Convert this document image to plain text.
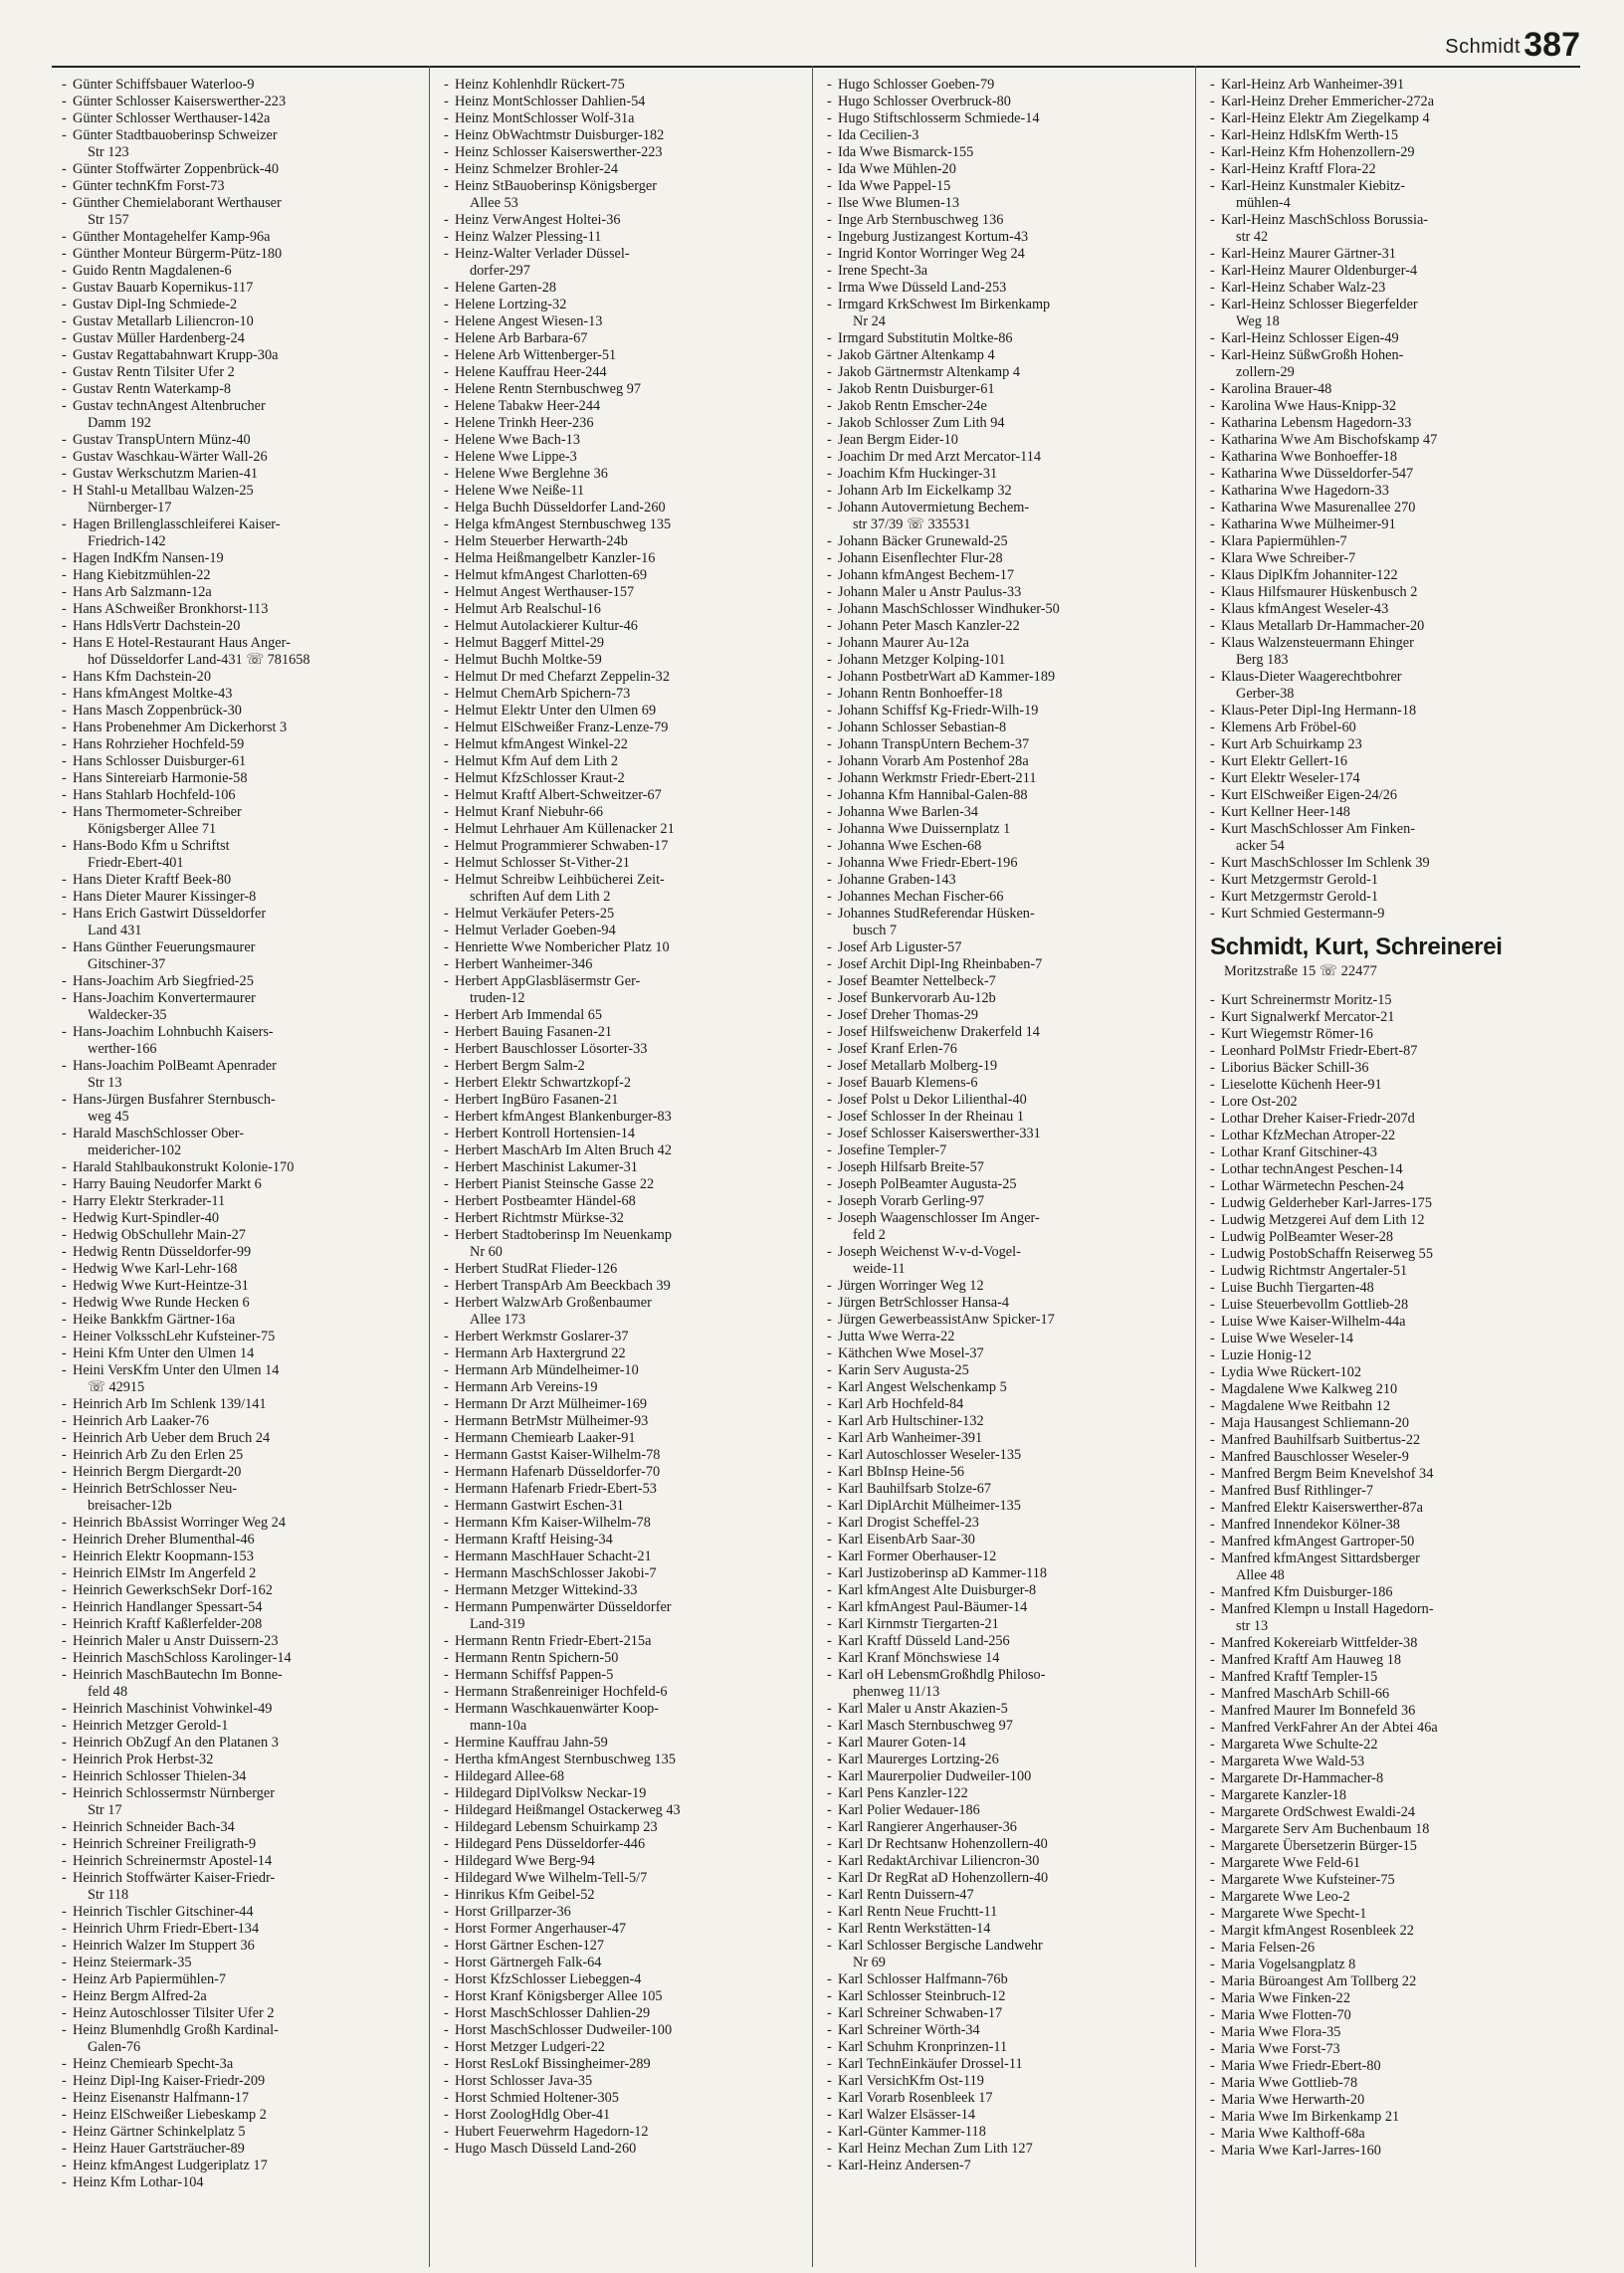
Schmidt 387
- Günter Schiffsbauer Waterloo-9
- Günter Schlosser Kaiserswerther-223
- Günter Schlosser Werthauser-142a
- Günter Stadtbauoberinsp Schweizer
Str 123
- Günter Stoffwärter Zoppenbrück-40
- Günter technKfm Forst-73
- Günther Chemielaborant Werthauser
Str 157
- Günther Montagehelfer Kamp-96a
- Günther Monteur Bürgerm-Pütz-180
- Guido Rentn Magdalenen-6
- Gustav Bauarb Kopernikus-117
- Gustav Dipl-Ing Schmiede-2
- Gustav Metallarb Liliencron-10
- Gustav Müller Hardenberg-24
- Gustav Regattabahnwart Krupp-30a
- Gustav Rentn Tilsiter Ufer 2
- Gustav Rentn Waterkamp-8
- Gustav technAngest Altenbrucher
Damm 192
- Gustav TranspUntern Münz-40
- Gustav Waschkau-Wärter Wall-26
- Gustav Werkschutzm Marien-41
- H Stahl-u Metallbau Walzen-25
Nürnberger-17
- Hagen Brillenglasschleiferei Kaiser-
Friedrich-142
- Hagen IndKfm Nansen-19
- Hang Kiebitzmühlen-22
- Hans Arb Salzmann-12a
- Hans ASchweißer Bronkhorst-113
- Hans HdlsVertr Dachstein-20
- Hans E Hotel-Restaurant Haus Anger-
hof Düsseldorfer Land-431 ☏ 781658
- Hans Kfm Dachstein-20
- Hans kfmAngest Moltke-43
- Hans Masch Zoppenbrück-30
- Hans Probenehmer Am Dickerhorst 3
- Hans Rohrzieher Hochfeld-59
- Hans Schlosser Duisburger-61
- Hans Sintereiarb Harmonie-58
- Hans Stahlarb Hochfeld-106
- Hans Thermometer-Schreiber
Königsberger Allee 71
- Hans-Bodo Kfm u Schriftst
Friedr-Ebert-401
- Hans Dieter Kraftf Beek-80
- Hans Dieter Maurer Kissinger-8
- Hans Erich Gastwirt Düsseldorfer
Land 431
- Hans Günther Feuerungsmaurer
Gitschiner-37
- Hans-Joachim Arb Siegfried-25
- Hans-Joachim Konvertermaurer
Waldecker-35
- Hans-Joachim Lohnbuchh Kaisers-
werther-166
- Hans-Joachim PolBeamt Apenrader
Str 13
- Hans-Jürgen Busfahrer Sternbusch-
weg 45
- Harald MaschSchlosser Ober-
meidericher-102
- Harald Stahlbaukonstrukt Kolonie-170
- Harry Bauing Neudorfer Markt 6
- Harry Elektr Sterkrader-11
- Hedwig Kurt-Spindler-40
- Hedwig ObSchullehr Main-27
- Hedwig Rentn Düsseldorfer-99
- Hedwig Wwe Karl-Lehr-168
- Hedwig Wwe Kurt-Heintze-31
- Hedwig Wwe Runde Hecken 6
- Heike Bankkfm Gärtner-16a
- Heiner VolksschLehr Kufsteiner-75
- Heini Kfm Unter den Ulmen 14
- Heini VersKfm Unter den Ulmen 14
☏ 42915
- Heinrich Arb Im Schlenk 139/141
- Heinrich Arb Laaker-76
- Heinrich Arb Ueber dem Bruch 24
- Heinrich Arb Zu den Erlen 25
- Heinrich Bergm Diergardt-20
- Heinrich BetrSchlosser Neu-
breisacher-12b
- Heinrich BbAssist Worringer Weg 24
- Heinrich Dreher Blumenthal-46
- Heinrich Elektr Koopmann-153
- Heinrich ElMstr Im Angerfeld 2
- Heinrich GewerkschSekr Dorf-162
- Heinrich Handlanger Spessart-54
- Heinrich Kraftf Kaßlerfelder-208
- Heinrich Maler u Anstr Duissern-23
- Heinrich MaschSchloss Karolinger-14
- Heinrich MaschBautechn Im Bonne-
feld 48
- Heinrich Maschinist Vohwinkel-49
- Heinrich Metzger Gerold-1
- Heinrich ObZugf An den Platanen 3
- Heinrich Prok Herbst-32
- Heinrich Schlosser Thielen-34
- Heinrich Schlossermstr Nürnberger
Str 17
- Heinrich Schneider Bach-34
- Heinrich Schreiner Freiligrath-9
- Heinrich Schreinermstr Apostel-14
- Heinrich Stoffwärter Kaiser-Friedr-
Str 118
- Heinrich Tischler Gitschiner-44
- Heinrich Uhrm Friedr-Ebert-134
- Heinrich Walzer Im Stuppert 36
- Heinz Steiermark-35
- Heinz Arb Papiermühlen-7
- Heinz Bergm Alfred-2a
- Heinz Autoschlosser Tilsiter Ufer 2
- Heinz Blumenhdlg Großh Kardinal-
Galen-76
- Heinz Chemiearb Specht-3a
- Heinz Dipl-Ing Kaiser-Friedr-209
- Heinz Eisenanstr Halfmann-17
- Heinz ElSchweißer Liebeskamp 2
- Heinz Gärtner Schinkelplatz 5
- Heinz Hauer Gartsträucher-89
- Heinz kfmAngest Ludgeriplatz 17
- Heinz Kfm Lothar-104
- Heinz Kohlenhdlr Rückert-75
- Heinz MontSchlosser Dahlien-54
- Heinz MontSchlosser Wolf-31a
- Heinz ObWachtmstr Duisburger-182
- Heinz Schlosser Kaiserswerther-223
- Heinz Schmelzer Brohler-24
- Heinz StBauoberinsp Königsberger
Allee 53
- Heinz VerwAngest Holtei-36
- Heinz Walzer Plessing-11
- Heinz-Walter Verlader Düssel-
dorfer-297
- Helene Garten-28
- Helene Lortzing-32
- Helene Angest Wiesen-13
- Helene Arb Barbara-67
- Helene Arb Wittenberger-51
- Helene Kauffrau Heer-244
- Helene Rentn Sternbuschweg 97
- Helene Tabakw Heer-244
- Helene Trinkh Heer-236
- Helene Wwe Bach-13
- Helene Wwe Lippe-3
- Helene Wwe Berglehne 36
- Helene Wwe Neiße-11
- Helga Buchh Düsseldorfer Land-260
- Helga kfmAngest Sternbuschweg 135
- Helm Steuerber Herwarth-24b
- Helma Heißmangelbetr Kanzler-16
- Helmut kfmAngest Charlotten-69
- Helmut Angest Werthauser-157
- Helmut Arb Realschul-16
- Helmut Autolackierer Kultur-46
- Helmut Baggerf Mittel-29
- Helmut Buchh Moltke-59
- Helmut Dr med Chefarzt Zeppelin-32
- Helmut ChemArb Spichern-73
- Helmut Elektr Unter den Ulmen 69
- Helmut ElSchweißer Franz-Lenze-79
- Helmut kfmAngest Winkel-22
- Helmut Kfm Auf dem Lith 2
- Helmut KfzSchlosser Kraut-2
- Helmut Kraftf Albert-Schweitzer-67
- Helmut Kranf Niebuhr-66
- Helmut Lehrhauer Am Küllenacker 21
- Helmut Programmierer Schwaben-17
- Helmut Schlosser St-Vither-21
- Helmut Schreibw Leihbücherei Zeit-
schriften Auf dem Lith 2
- Helmut Verkäufer Peters-25
- Helmut Verlader Goeben-94
- Henriette Wwe Nombericher Platz 10
- Herbert Wanheimer-346
- Herbert AppGlasbläsermstr Ger-
truden-12
- Herbert Arb Immendal 65
- Herbert Bauing Fasanen-21
- Herbert Bauschlosser Lösorter-33
- Herbert Bergm Salm-2
- Herbert Elektr Schwartzkopf-2
- Herbert IngBüro Fasanen-21
- Herbert kfmAngest Blankenburger-83
- Herbert Kontroll Hortensien-14
- Herbert MaschArb Im Alten Bruch 42
- Herbert Maschinist Lakumer-31
- Herbert Pianist Steinsche Gasse 22
- Herbert Postbeamter Händel-68
- Herbert Richtmstr Mürkse-32
- Herbert Stadtoberinsp Im Neuenkamp
Nr 60
- Herbert StudRat Flieder-126
- Herbert TranspArb Am Beeckbach 39
- Herbert WalzwArb Großenbaumer
Allee 173
- Herbert Werkmstr Goslarer-37
- Hermann Arb Haxtergrund 22
- Hermann Arb Mündelheimer-10
- Hermann Arb Vereins-19
- Hermann Dr Arzt Mülheimer-169
- Hermann BetrMstr Mülheimer-93
- Hermann Chemiearb Laaker-91
- Hermann Gastst Kaiser-Wilhelm-78
- Hermann Hafenarb Düsseldorfer-70
- Hermann Hafenarb Friedr-Ebert-53
- Hermann Gastwirt Eschen-31
- Hermann Kfm Kaiser-Wilhelm-78
- Hermann Kraftf Heising-34
- Hermann MaschHauer Schacht-21
- Hermann MaschSchlosser Jakobi-7
- Hermann Metzger Wittekind-33
- Hermann Pumpenwärter Düsseldorfer
Land-319
- Hermann Rentn Friedr-Ebert-215a
- Hermann Rentn Spichern-50
- Hermann Schiffsf Pappen-5
- Hermann Straßenreiniger Hochfeld-6
- Hermann Waschkauenwärter Koop-
mann-10a
- Hermine Kauffrau Jahn-59
- Hertha kfmAngest Sternbuschweg 135
- Hildegard Allee-68
- Hildegard DiplVolksw Neckar-19
- Hildegard Heißmangel Ostackerweg 43
- Hildegard Lebensm Schuirkamp 23
- Hildegard Pens Düsseldorfer-446
- Hildegard Wwe Berg-94
- Hildegard Wwe Wilhelm-Tell-5/7
- Hinrikus Kfm Geibel-52
- Horst Grillparzer-36
- Horst Former Angerhauser-47
- Horst Gärtner Eschen-127
- Horst Gärtnergeh Falk-64
- Horst KfzSchlosser Liebeggen-4
- Horst Kranf Königsberger Allee 105
- Horst MaschSchlosser Dahlien-29
- Horst MaschSchlosser Dudweiler-100
- Horst Metzger Ludgeri-22
- Horst ResLokf Bissingheimer-289
- Horst Schlosser Java-35
- Horst Schmied Holtener-305
- Horst ZoologHdlg Ober-41
- Hubert Feuerwehrm Hagedorn-12
- Hugo Masch Düsseld Land-260
- Hugo Schlosser Goeben-79
- Hugo Schlosser Overbruck-80
- Hugo Stiftschlosserm Schmiede-14
- Ida Cecilien-3
- Ida Wwe Bismarck-155
- Ida Wwe Mühlen-20
- Ida Wwe Pappel-15
- Ilse Wwe Blumen-13
- Inge Arb Sternbuschweg 136
- Ingeburg Justizangest Kortum-43
- Ingrid Kontor Worringer Weg 24
- Irene Specht-3a
- Irma Wwe Düsseld Land-253
- Irmgard KrkSchwest Im Birkenkamp
Nr 24
- Irmgard Substitutin Moltke-86
- Jakob Gärtner Altenkamp 4
- Jakob Gärtnermstr Altenkamp 4
- Jakob Rentn Duisburger-61
- Jakob Rentn Emscher-24e
- Jakob Schlosser Zum Lith 94
- Jean Bergm Eider-10
- Joachim Dr med Arzt Mercator-114
- Joachim Kfm Huckinger-31
- Johann Arb Im Eickelkamp 32
- Johann Autovermietung Bechem-
str 37/39 ☏ 335531
- Johann Bäcker Grunewald-25
- Johann Eisenflechter Flur-28
- Johann kfmAngest Bechem-17
- Johann Maler u Anstr Paulus-33
- Johann MaschSchlosser Windhuker-50
- Johann Peter Masch Kanzler-22
- Johann Maurer Au-12a
- Johann Metzger Kolping-101
- Johann PostbetrWart aD Kammer-189
- Johann Rentn Bonhoeffer-18
- Johann Schiffsf Kg-Friedr-Wilh-19
- Johann Schlosser Sebastian-8
- Johann TranspUntern Bechem-37
- Johann Vorarb Am Postenhof 28a
- Johann Werkmstr Friedr-Ebert-211
- Johanna Kfm Hannibal-Galen-88
- Johanna Wwe Barlen-34
- Johanna Wwe Duissernplatz 1
- Johanna Wwe Eschen-68
- Johanna Wwe Friedr-Ebert-196
- Johanne Graben-143
- Johannes Mechan Fischer-66
- Johannes StudReferendar Hüsken-
busch 7
- Josef Arb Liguster-57
- Josef Archit Dipl-Ing Rheinbaben-7
- Josef Beamter Nettelbeck-7
- Josef Bunkervorarb Au-12b
- Josef Dreher Thomas-29
- Josef Hilfsweichenw Drakerfeld 14
- Josef Kranf Erlen-76
- Josef Metallarb Molberg-19
- Josef Bauarb Klemens-6
- Josef Polst u Dekor Lilienthal-40
- Josef Schlosser In der Rheinau 1
- Josef Schlosser Kaiserswerther-331
- Josefine Templer-7
- Joseph Hilfsarb Breite-57
- Joseph PolBeamter Augusta-25
- Joseph Vorarb Gerling-97
- Joseph Waagenschlosser Im Anger-
feld 2
- Joseph Weichenst W-v-d-Vogel-
weide-11
- Jürgen Worringer Weg 12
- Jürgen BetrSchlosser Hansa-4
- Jürgen GewerbeassistAnw Spicker-17
- Jutta Wwe Werra-22
- Käthchen Wwe Mosel-37
- Karin Serv Augusta-25
- Karl Angest Welschenkamp 5
- Karl Arb Hochfeld-84
- Karl Arb Hultschiner-132
- Karl Arb Wanheimer-391
- Karl Autoschlosser Weseler-135
- Karl BbInsp Heine-56
- Karl Bauhilfsarb Stolze-67
- Karl DiplArchit Mülheimer-135
- Karl Drogist Scheffel-23
- Karl EisenbArb Saar-30
- Karl Former Oberhauser-12
- Karl Justizoberinsp aD Kammer-118
- Karl kfmAngest Alte Duisburger-8
- Karl kfmAngest Paul-Bäumer-14
- Karl Kirnmstr Tiergarten-21
- Karl Kraftf Düsseld Land-256
- Karl Kranf Mönchswiese 14
- Karl oH LebensmGroßhdlg Philoso-
phenweg 11/13
- Karl Maler u Anstr Akazien-5
- Karl Masch Sternbuschweg 97
- Karl Maurer Goten-14
- Karl Maurerges Lortzing-26
- Karl Maurerpolier Dudweiler-100
- Karl Pens Kanzler-122
- Karl Polier Wedauer-186
- Karl Rangierer Angerhauser-36
- Karl Dr Rechtsanw Hohenzollern-40
- Karl RedaktArchivar Liliencron-30
- Karl Dr RegRat aD Hohenzollern-40
- Karl Rentn Duissern-47
- Karl Rentn Neue Fruchtt-11
- Karl Rentn Werkstätten-14
- Karl Schlosser Bergische Landwehr
Nr 69
- Karl Schlosser Halfmann-76b
- Karl Schlosser Steinbruch-12
- Karl Schreiner Schwaben-17
- Karl Schreiner Wörth-34
- Karl Schuhm Kronprinzen-11
- Karl TechnEinkäufer Drossel-11
- Karl VersichKfm Ost-119
- Karl Vorarb Rosenbleek 17
- Karl Walzer Elsässer-14
- Karl-Günter Kammer-118
- Karl Heinz Mechan Zum Lith 127
- Karl-Heinz Andersen-7
- Karl-Heinz Arb Wanheimer-391
- Karl-Heinz Dreher Emmericher-272a
- Karl-Heinz Elektr Am Ziegelkamp 4
- Karl-Heinz HdlsKfm Werth-15
- Karl-Heinz Kfm Hohenzollern-29
- Karl-Heinz Kraftf Flora-22
- Karl-Heinz Kunstmaler Kiebitz-
mühlen-4
- Karl-Heinz MaschSchloss Borussia-
str 42
- Karl-Heinz Maurer Gärtner-31
- Karl-Heinz Maurer Oldenburger-4
- Karl-Heinz Schaber Walz-23
- Karl-Heinz Schlosser Biegerfelder
Weg 18
- Karl-Heinz Schlosser Eigen-49
- Karl-Heinz SüßwGroßh Hohen-
zollern-29
- Karolina Brauer-48
- Karolina Wwe Haus-Knipp-32
- Katharina Lebensm Hagedorn-33
- Katharina Wwe Am Bischofskamp 47
- Katharina Wwe Bonhoeffer-18
- Katharina Wwe Düsseldorfer-547
- Katharina Wwe Hagedorn-33
- Katharina Wwe Masurenallee 270
- Katharina Wwe Mülheimer-91
- Klara Papiermühlen-7
- Klara Wwe Schreiber-7
- Klaus DiplKfm Johanniter-122
- Klaus Hilfsmaurer Hüskenbusch 2
- Klaus kfmAngest Weseler-43
- Klaus Metallarb Dr-Hammacher-20
- Klaus Walzensteuermann Ehinger
Berg 183
- Klaus-Dieter Waagerechtbohrer
Gerber-38
- Klaus-Peter Dipl-Ing Hermann-18
- Klemens Arb Fröbel-60
- Kurt Arb Schuirkamp 23
- Kurt Elektr Gellert-16
- Kurt Elektr Weseler-174
- Kurt ElSchweißer Eigen-24/26
- Kurt Kellner Heer-148
- Kurt MaschSchlosser Am Finken-
acker 54
- Kurt MaschSchlosser Im Schlenk 39
- Kurt Metzgermstr Gerold-1
- Kurt Metzgermstr Gerold-1
- Kurt Schmied Gestermann-9
Schmidt, Kurt, Schreinerei
Moritzstraße 15 ☏ 22477
- Kurt Schreinermstr Moritz-15
- Kurt Signalwerkf Mercator-21
- Kurt Wiegemstr Römer-16
- Leonhard PolMstr Friedr-Ebert-87
- Liborius Bäcker Schill-36
- Lieselotte Küchenh Heer-91
- Lore Ost-202
- Lothar Dreher Kaiser-Friedr-207d
- Lothar KfzMechan Atroper-22
- Lothar Kranf Gitschiner-43
- Lothar technAngest Peschen-14
- Lothar Wärmetechn Peschen-24
- Ludwig Gelderheber Karl-Jarres-175
- Ludwig Metzgerei Auf dem Lith 12
- Ludwig PolBeamter Weser-28
- Ludwig PostobSchaffn Reiserweg 55
- Ludwig Richtmstr Angertaler-51
- Luise Buchh Tiergarten-48
- Luise Steuerbevollm Gottlieb-28
- Luise Wwe Kaiser-Wilhelm-44a
- Luise Wwe Weseler-14
- Luzie Honig-12
- Lydia Wwe Rückert-102
- Magdalene Wwe Kalkweg 210
- Magdalene Wwe Reitbahn 12
- Maja Hausangest Schliemann-20
- Manfred Bauhilfsarb Suitbertus-22
- Manfred Bauschlosser Weseler-9
- Manfred Bergm Beim Knevelshof 34
- Manfred Busf Rithlinger-7
- Manfred Elektr Kaiserswerther-87a
- Manfred Innendekor Kölner-38
- Manfred kfmAngest Gartroper-50
- Manfred kfmAngest Sittardsberger
Allee 48
- Manfred Kfm Duisburger-186
- Manfred Klempn u Install Hagedorn-
str 13
- Manfred Kokereiarb Wittfelder-38
- Manfred Kraftf Am Hauweg 18
- Manfred Kraftf Templer-15
- Manfred MaschArb Schill-66
- Manfred Maurer Im Bonnefeld 36
- Manfred VerkFahrer An der Abtei 46a
- Margareta Wwe Schulte-22
- Margareta Wwe Wald-53
- Margarete Dr-Hammacher-8
- Margarete Kanzler-18
- Margarete OrdSchwest Ewaldi-24
- Margarete Serv Am Buchenbaum 18
- Margarete Übersetzerin Bürger-15
- Margarete Wwe Feld-61
- Margarete Wwe Kufsteiner-75
- Margarete Wwe Leo-2
- Margarete Wwe Specht-1
- Margit kfmAngest Rosenbleek 22
- Maria Felsen-26
- Maria Vogelsangplatz 8
- Maria Büroangest Am Tollberg 22
- Maria Wwe Finken-22
- Maria Wwe Flotten-70
- Maria Wwe Flora-35
- Maria Wwe Forst-73
- Maria Wwe Friedr-Ebert-80
- Maria Wwe Gottlieb-78
- Maria Wwe Herwarth-20
- Maria Wwe Im Birkenkamp 21
- Maria Wwe Kalthoff-68a
- Maria Wwe Karl-Jarres-160
